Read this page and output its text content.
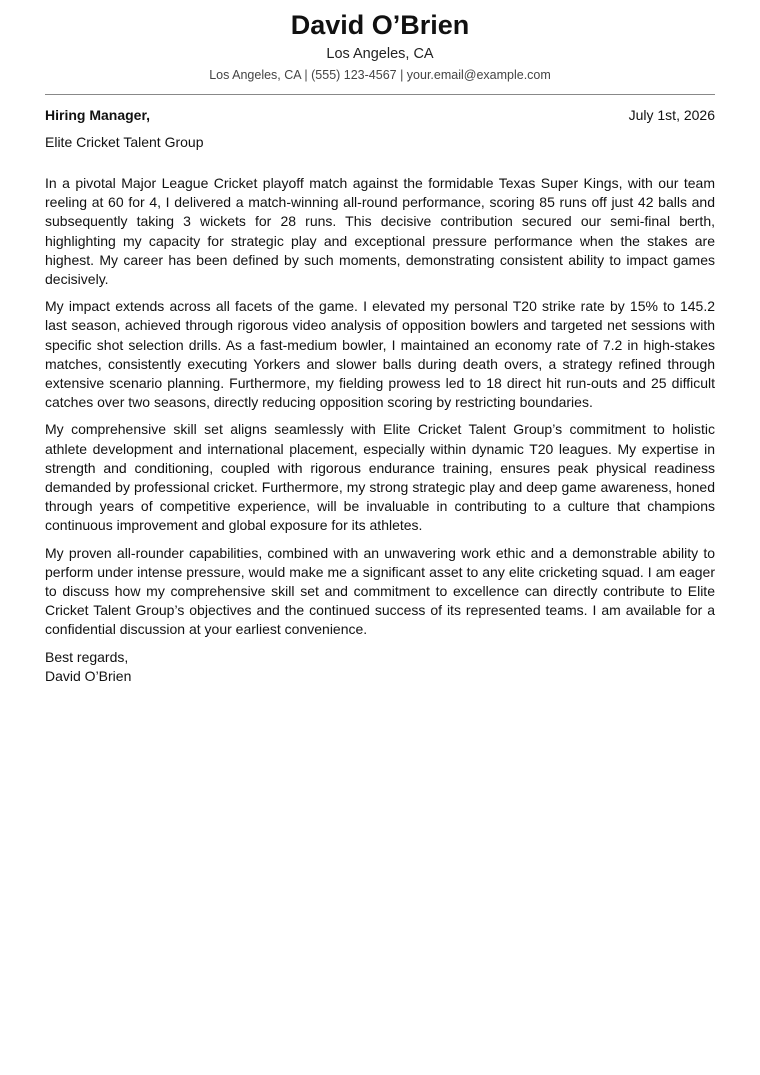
David O’Brien
Los Angeles, CA
Los Angeles, CA | (555) 123-4567 | your.email@example.com
Hiring Manager,	July 1st, 2026
Elite Cricket Talent Group

In a pivotal Major League Cricket playoff match against the formidable Texas Super Kings, with our team reeling at 60 for 4, I delivered a match-winning all-round performance, scoring 85 runs off just 42 balls and subsequently taking 3 wickets for 28 runs. This decisive contribution secured our semi-final berth, highlighting my capacity for strategic play and exceptional pressure performance when the stakes are highest. My career has been defined by such moments, demonstrating consistent ability to impact games decisively.

My impact extends across all facets of the game. I elevated my personal T20 strike rate by 15% to 145.2 last season, achieved through rigorous video analysis of opposition bowlers and targeted net sessions with specific shot selection drills. As a fast-medium bowler, I maintained an economy rate of 7.2 in high-stakes matches, consistently executing Yorkers and slower balls during death overs, a strategy refined through extensive scenario planning. Furthermore, my fielding prowess led to 18 direct hit run-outs and 25 difficult catches over two seasons, directly reducing opposition scoring by restricting boundaries.

My comprehensive skill set aligns seamlessly with Elite Cricket Talent Group’s commitment to holistic athlete development and international placement, especially within dynamic T20 leagues. My expertise in strength and conditioning, coupled with rigorous endurance training, ensures peak physical readiness demanded by professional cricket. Furthermore, my strong strategic play and deep game awareness, honed through years of competitive experience, will be invaluable in contributing to a culture that champions continuous improvement and global exposure for its athletes.

My proven all-rounder capabilities, combined with an unwavering work ethic and a demonstrable ability to perform under intense pressure, would make me a significant asset to any elite cricketing squad. I am eager to discuss how my comprehensive skill set and commitment to excellence can directly contribute to Elite Cricket Talent Group’s objectives and the continued success of its represented teams. I am available for a confidential discussion at your earliest convenience.

Best regards,
David O’Brien
